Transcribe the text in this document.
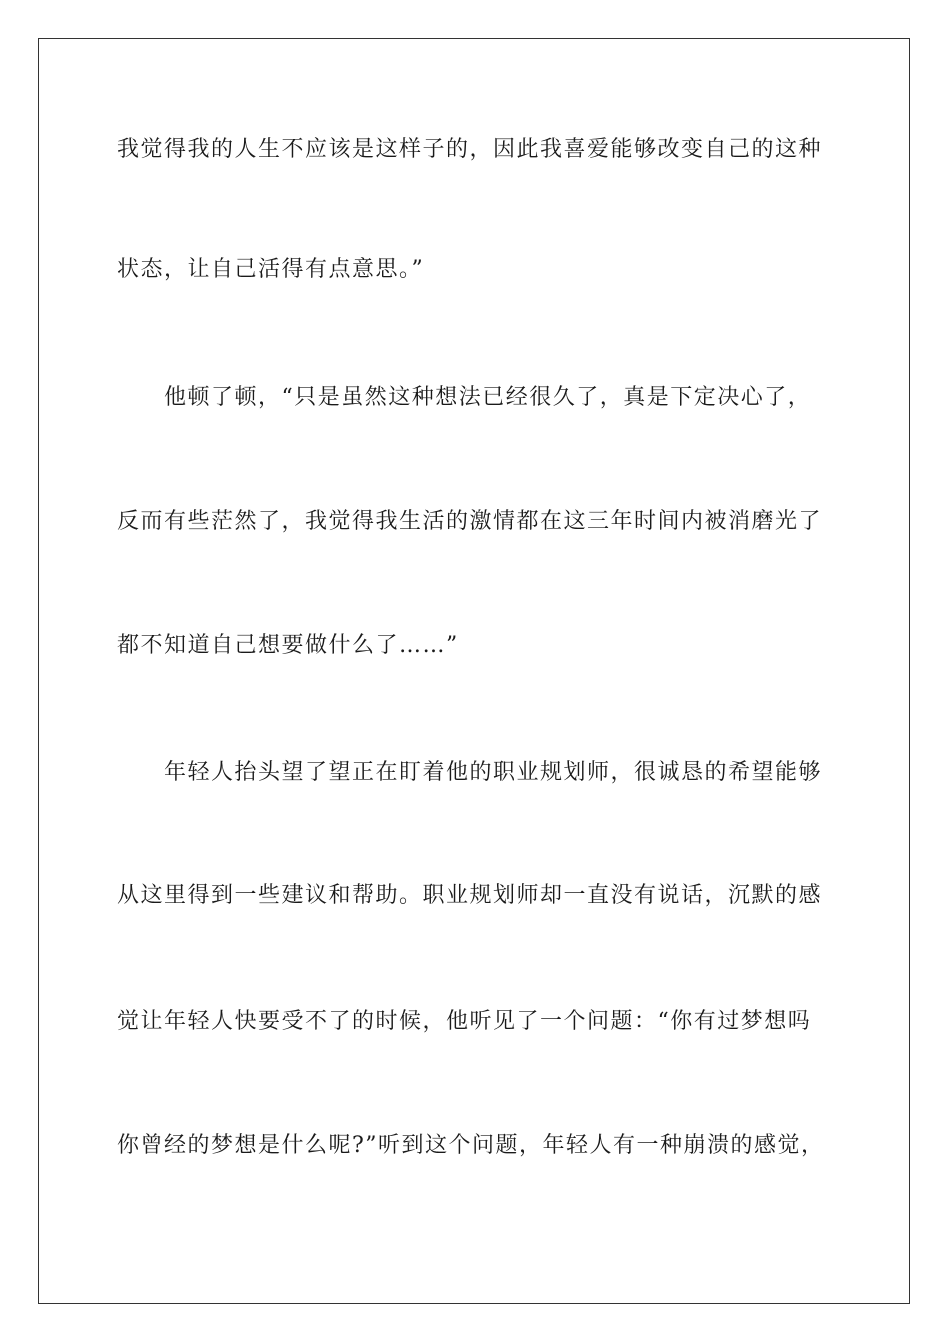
我觉得我的人生不应该是这样子的，因此我喜爱能够改变自己的这种

状态，让自己活得有点意思。”

他顿了顿，“只是虽然这种想法已经很久了，真是下定决心了，

反而有些茫然了，我觉得我生活的激情都在这三年时间内被消磨光了

都不知道自己想要做什么了……”

年轻人抬头望了望正在盯着他的职业规划师，很诚恳的希望能够

从这里得到一些建议和帮助。职业规划师却一直没有说话，沉默的感

觉让年轻人快要受不了的时候，他听见了一个问题：“你有过梦想吗

你曾经的梦想是什么呢?”听到这个问题，年轻人有一种崩溃的感觉，
